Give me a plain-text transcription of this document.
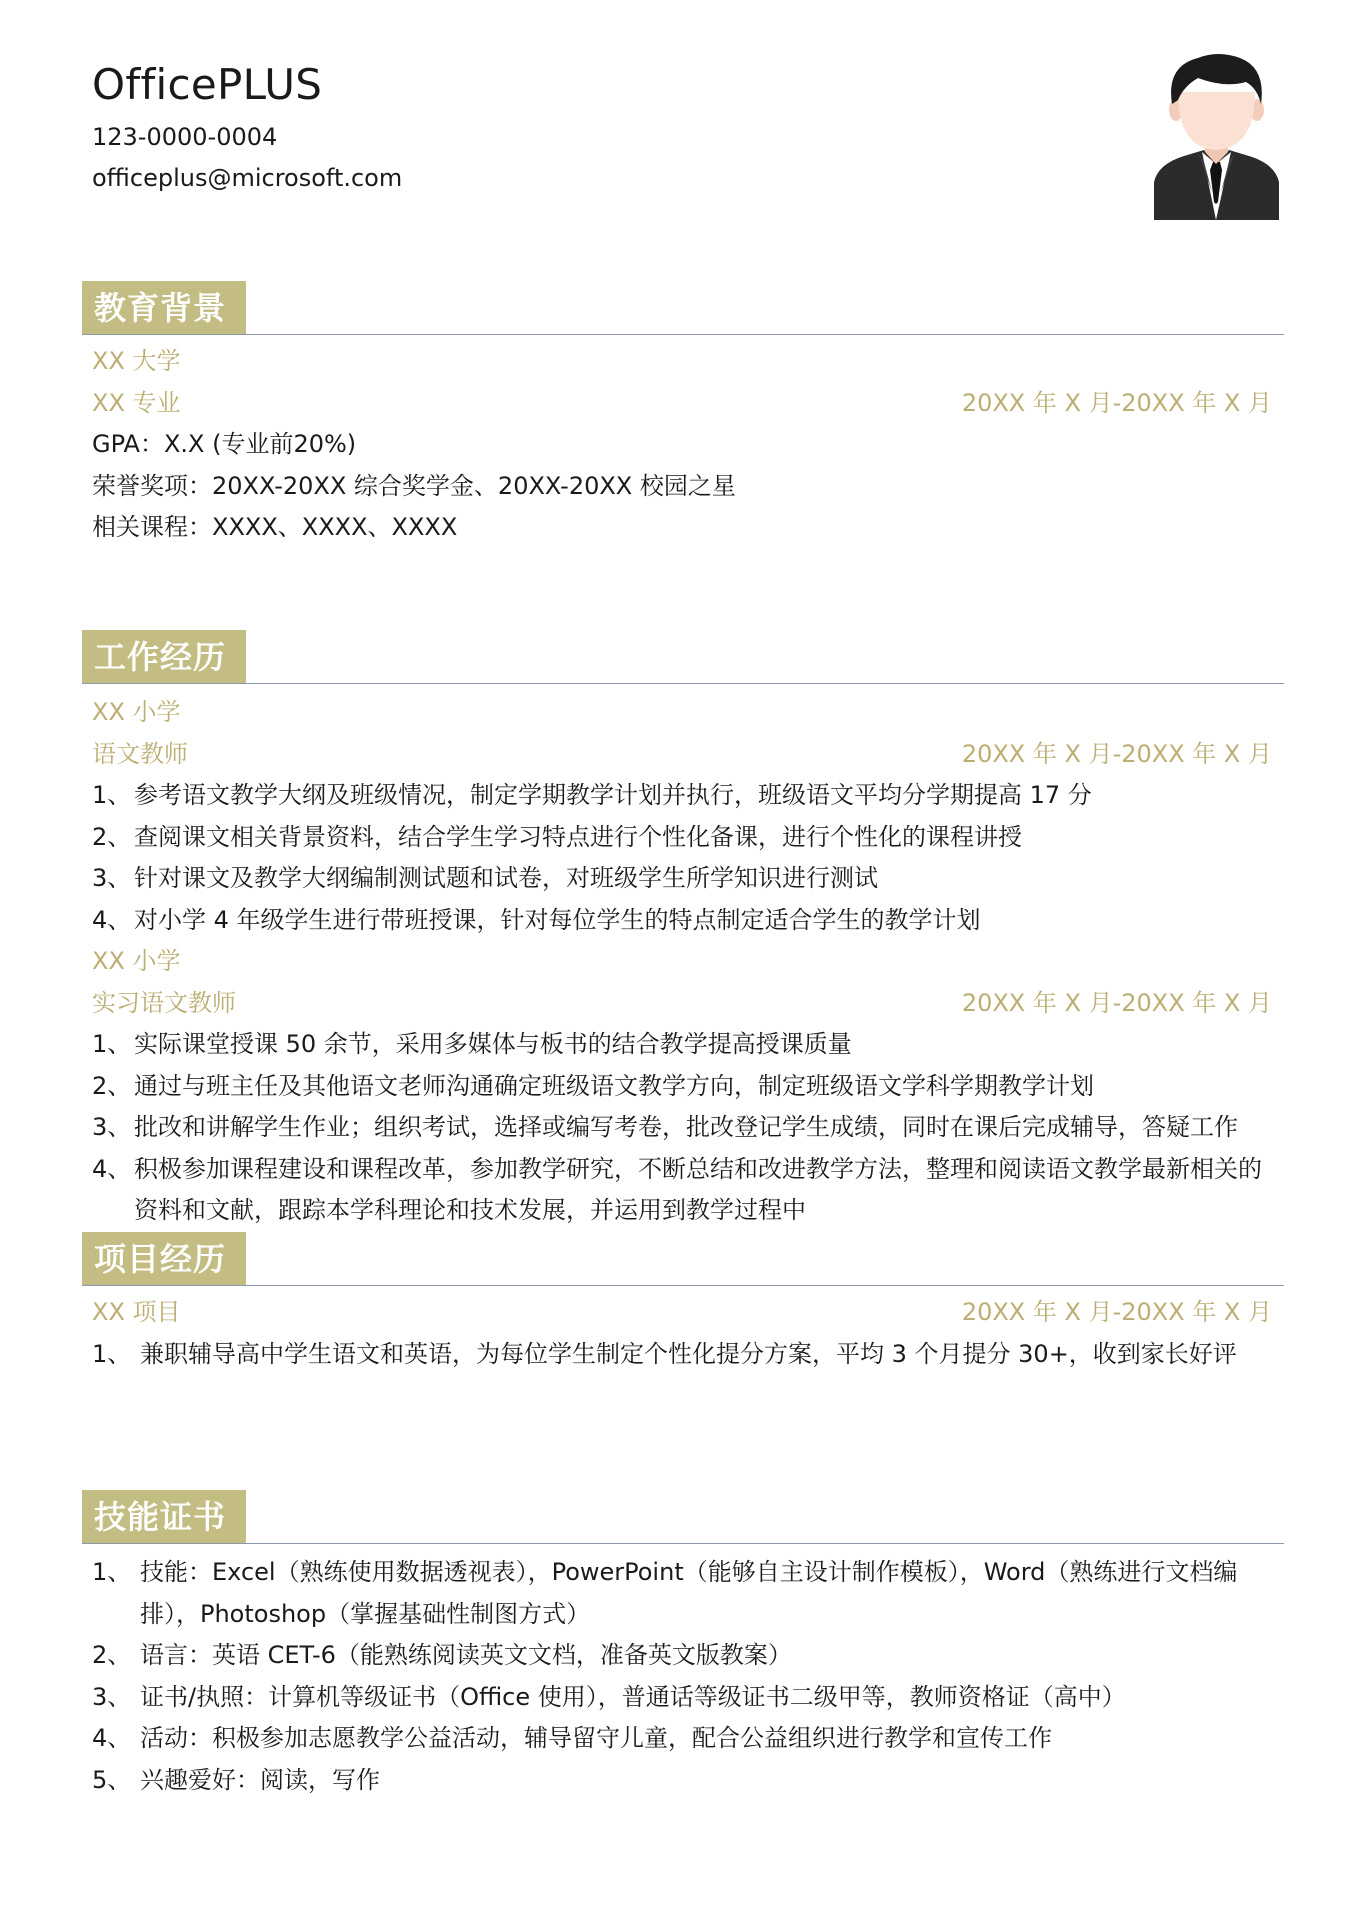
OfficePLUS
123-0000-0004
officeplus@microsoft.com
教育背景
XX 大学
XX 专业	20XX 年 X 月-20XX 年 X 月
GPA：X.X (专业前20%)
荣誉奖项：20XX-20XX 综合奖学金、20XX-20XX 校园之星
相关课程：XXXX、XXXX、XXXX
工作经历
XX 小学
语文教师	20XX 年 X 月-20XX 年 X 月
1、 参考语文教学大纲及班级情况，制定学期教学计划并执行，班级语文平均分学期提高 17 分
2、 查阅课文相关背景资料，结合学生学习特点进行个性化备课，进行个性化的课程讲授
3、 针对课文及教学大纲编制测试题和试卷，对班级学生所学知识进行测试
4、 对小学 4 年级学生进行带班授课，针对每位学生的特点制定适合学生的教学计划
XX 小学
实习语文教师	20XX 年 X 月-20XX 年 X 月
1、 实际课堂授课 50 余节，采用多媒体与板书的结合教学提高授课质量
2、 通过与班主任及其他语文老师沟通确定班级语文教学方向，制定班级语文学科学期教学计划
3、 批改和讲解学生作业；组织考试，选择或编写考卷，批改登记学生成绩，同时在课后完成辅导，答疑工作
4、 积极参加课程建设和课程改革，参加教学研究，不断总结和改进教学方法，整理和阅读语文教学最新相关的资料和文献，跟踪本学科理论和技术发展，并运用到教学过程中
项目经历
XX 项目	20XX 年 X 月-20XX 年 X 月
1、 兼职辅导高中学生语文和英语，为每位学生制定个性化提分方案，平均 3 个月提分 30+，收到家长好评
技能证书
1、 技能：Excel（熟练使用数据透视表），PowerPoint（能够自主设计制作模板），Word（熟练进行文档编排），Photoshop（掌握基础性制图方式）
2、 语言：英语 CET-6（能熟练阅读英文文档，准备英文版教案）
3、 证书/执照：计算机等级证书（Office 使用），普通话等级证书二级甲等，教师资格证（高中）
4、 活动：积极参加志愿教学公益活动，辅导留守儿童，配合公益组织进行教学和宣传工作
5、 兴趣爱好：阅读，写作
